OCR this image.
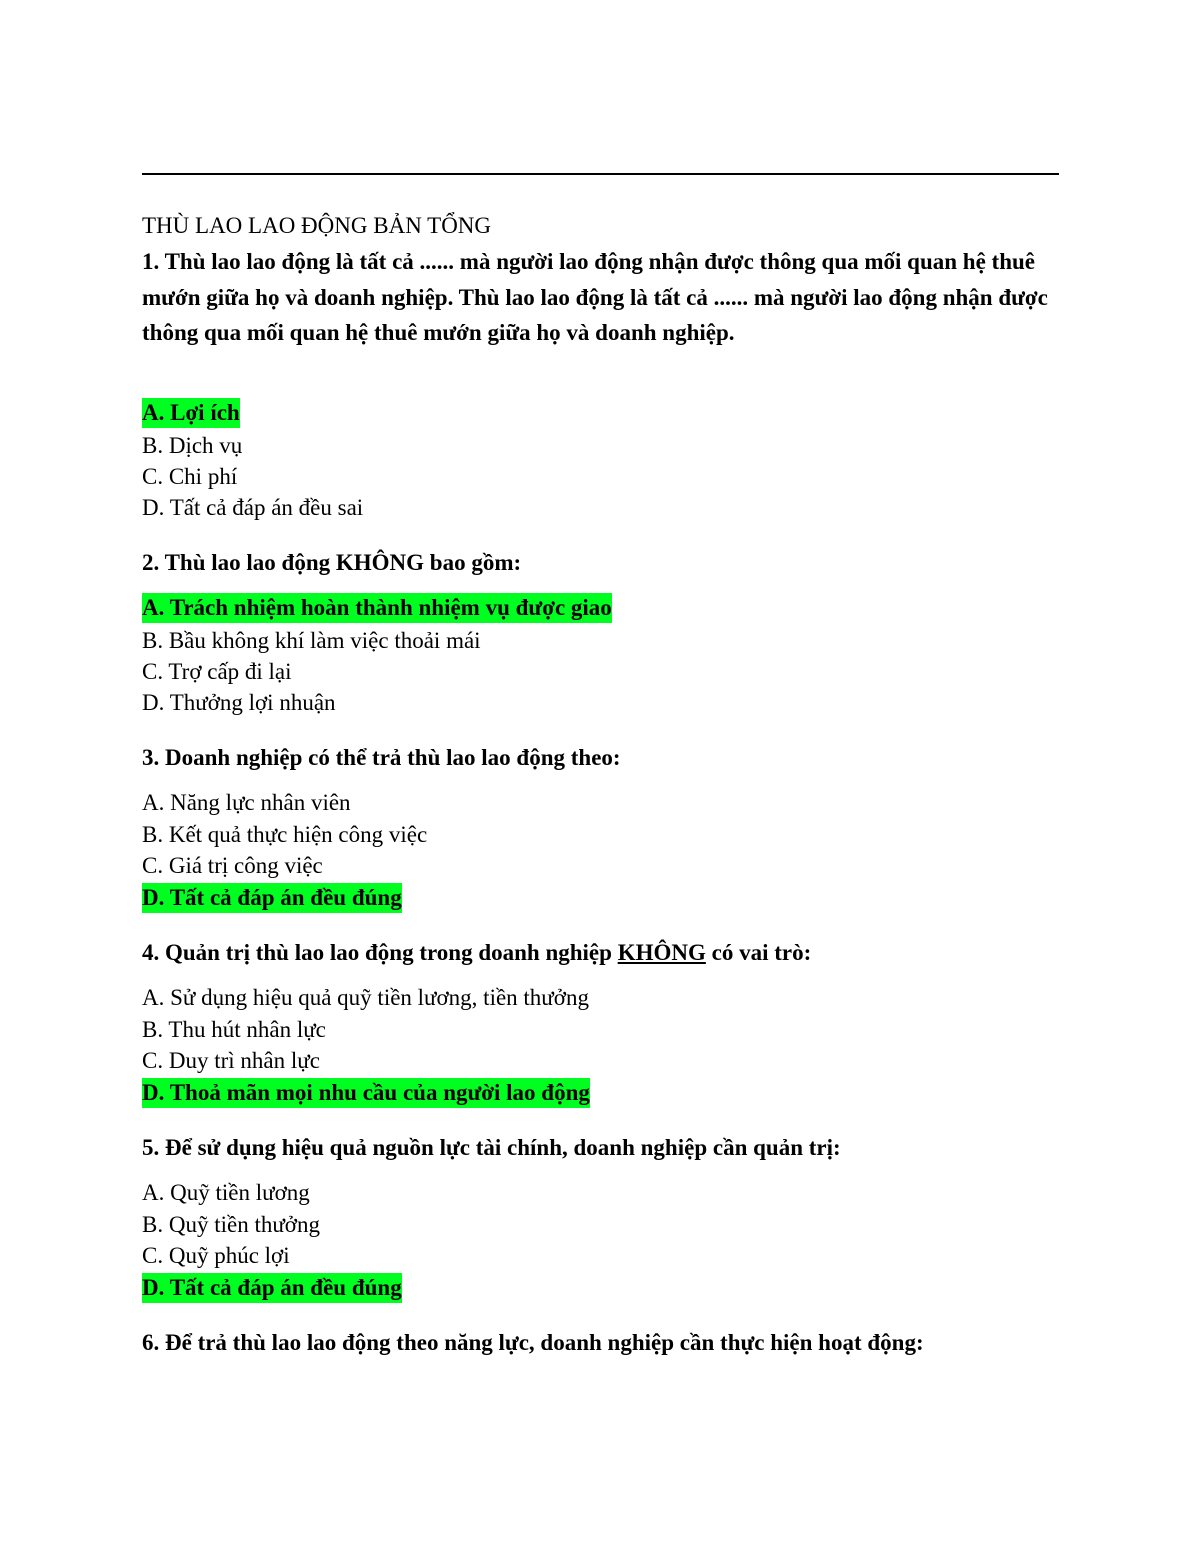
THÙ LAO LAO ĐỘNG BẢN TỔNG
1. Thù lao lao động là tất cả ...... mà người lao động nhận được thông qua mối quan hệ thuê mướn giữa họ và doanh nghiệp. Thù lao lao động là tất cả ...... mà người lao động nhận được thông qua mối quan hệ thuê mướn giữa họ và doanh nghiệp.
A. Lợi ích
B. Dịch vụ
C. Chi phí
D. Tất cả đáp án đều sai
2. Thù lao lao động KHÔNG bao gồm:
A. Trách nhiệm hoàn thành nhiệm vụ được giao
B. Bầu không khí làm việc thoải mái
C. Trợ cấp đi lại
D. Thưởng lợi nhuận
3. Doanh nghiệp có thể trả thù lao lao động theo:
A. Năng lực nhân viên
B. Kết quả thực hiện công việc
C. Giá trị công việc
D. Tất cả đáp án đều đúng
4. Quản trị thù lao lao động trong doanh nghiệp KHÔNG có vai trò:
A. Sử dụng hiệu quả quỹ tiền lương, tiền thưởng
B. Thu hút nhân lực
C. Duy trì nhân lực
D. Thoả mãn mọi nhu cầu của người lao động
5. Để sử dụng hiệu quả nguồn lực tài chính, doanh nghiệp cần quản trị:
A. Quỹ tiền lương
B. Quỹ tiền thưởng
C. Quỹ phúc lợi
D. Tất cả đáp án đều đúng
6. Để trả thù lao lao động theo năng lực, doanh nghiệp cần thực hiện hoạt động:
